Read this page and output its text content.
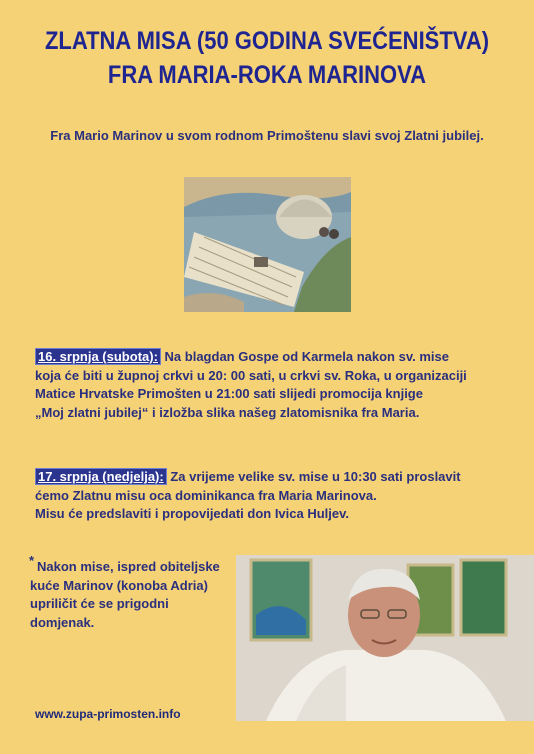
ZLATNA MISA (50 GODINA SVEĆENIŠTVA)
FRA MARIA-ROKA MARINOVA
Fra Mario Marinov u svom rodnom Primoštenu slavi svoj Zlatni jubilej.
16. srpnja (subota): Na blagdan Gospe od Karmela nakon sv. mise
koja će biti u župnoj crkvi u 20: 00 sati, u crkvi sv. Roka, u organizaciji
Matice Hrvatske Primošten u 21:00 sati slijedi promocija knjige
„Moj zlatni jubilej“ i izložba slika našeg zlatomisnika fra Maria.
17. srpnja (nedjelja): Za vrijeme velike sv. mise u 10:30 sati proslavit
ćemo Zlatnu misu oca dominikanca fra Maria Marinova.
Misu će predslaviti i propovijedati don Ivica Huljev.
* Nakon mise, ispred obiteljske
kuće Marinov (konoba Adria)
upriličit će se prigodni
domjenak.
www.zupa-primosten.info
